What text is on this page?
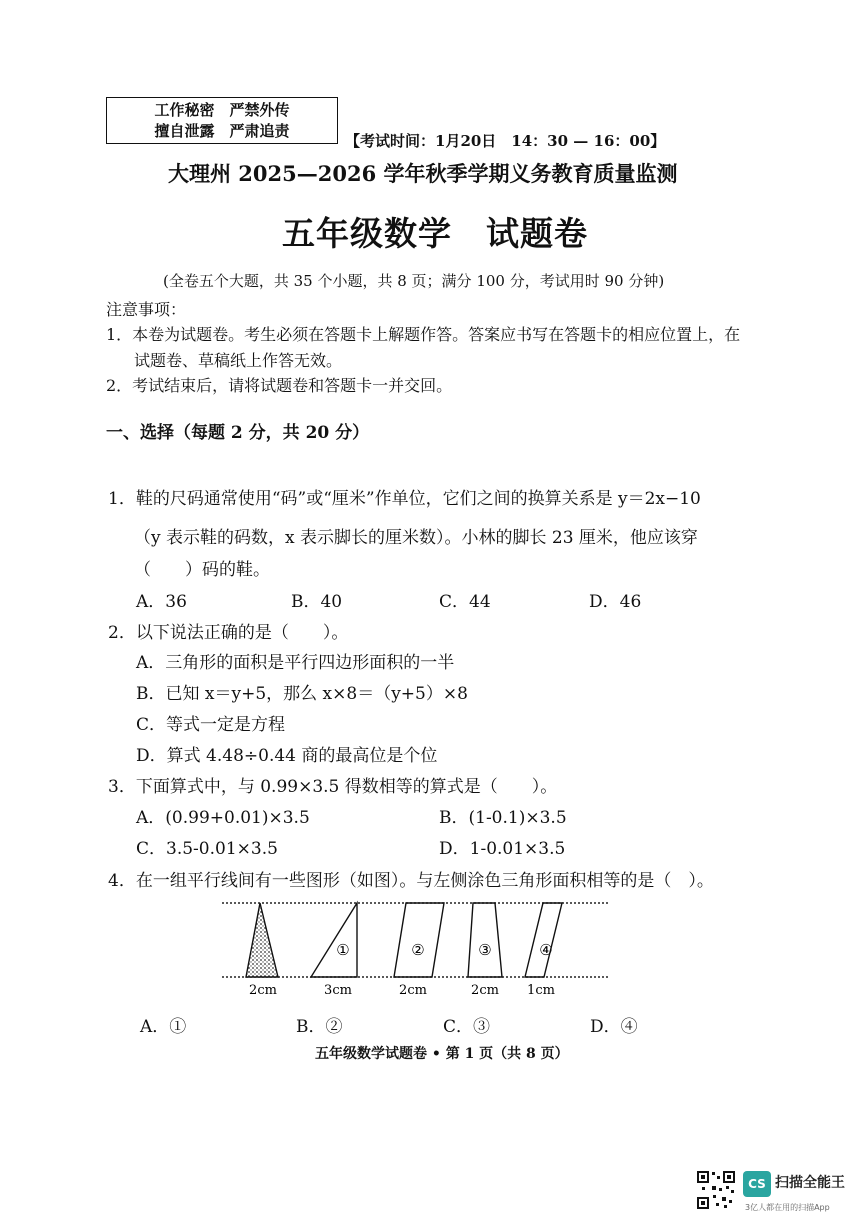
工作秘密　严禁外传
擅自泄露　严肃追责
【考试时间：1月20日　14：30 — 16：00】
大理州 2025—2026 学年秋季学期义务教育质量监测
五年级数学　试题卷
(全卷五个大题，共 35 个小题，共 8 页；满分 100 分，考试用时 90 分钟)
注意事项：
1．本卷为试题卷。考生必须在答题卡上解题作答。答案应书写在答题卡的相应位置上，在
试题卷、草稿纸上作答无效。
2．考试结束后，请将试题卷和答题卡一并交回。
一、选择（每题 2 分，共 20 分）
1．鞋的尺码通常使用“码”或“厘米”作单位，它们之间的换算关系是 y＝2x−10
（y 表示鞋的码数，x 表示脚长的厘米数）。小林的脚长 23 厘米，他应该穿
（　　）码的鞋。
A．36	B．40	C．44	D．46
2．以下说法正确的是（　　）。
A．三角形的面积是平行四边形面积的一半
B．已知 x＝y+5，那么 x×8＝（y+5）×8
C．等式一定是方程
D．算式 4.48÷0.44 商的最高位是个位
3．下面算式中，与 0.99×3.5 得数相等的算式是（　　）。
A．(0.99+0.01)×3.5	B．(1-0.1)×3.5
C．3.5-0.01×3.5	D．1-0.01×3.5
4．在一组平行线间有一些图形（如图）。与左侧涂色三角形面积相等的是（　）。
①	②	③	④
2cm	3cm	2cm	2cm 1cm
A．①	B．②	C．③	D．④
五年级数学试题卷 • 第 1 页（共 8 页）
CS 扫描全能王
3亿人都在用的扫描App
